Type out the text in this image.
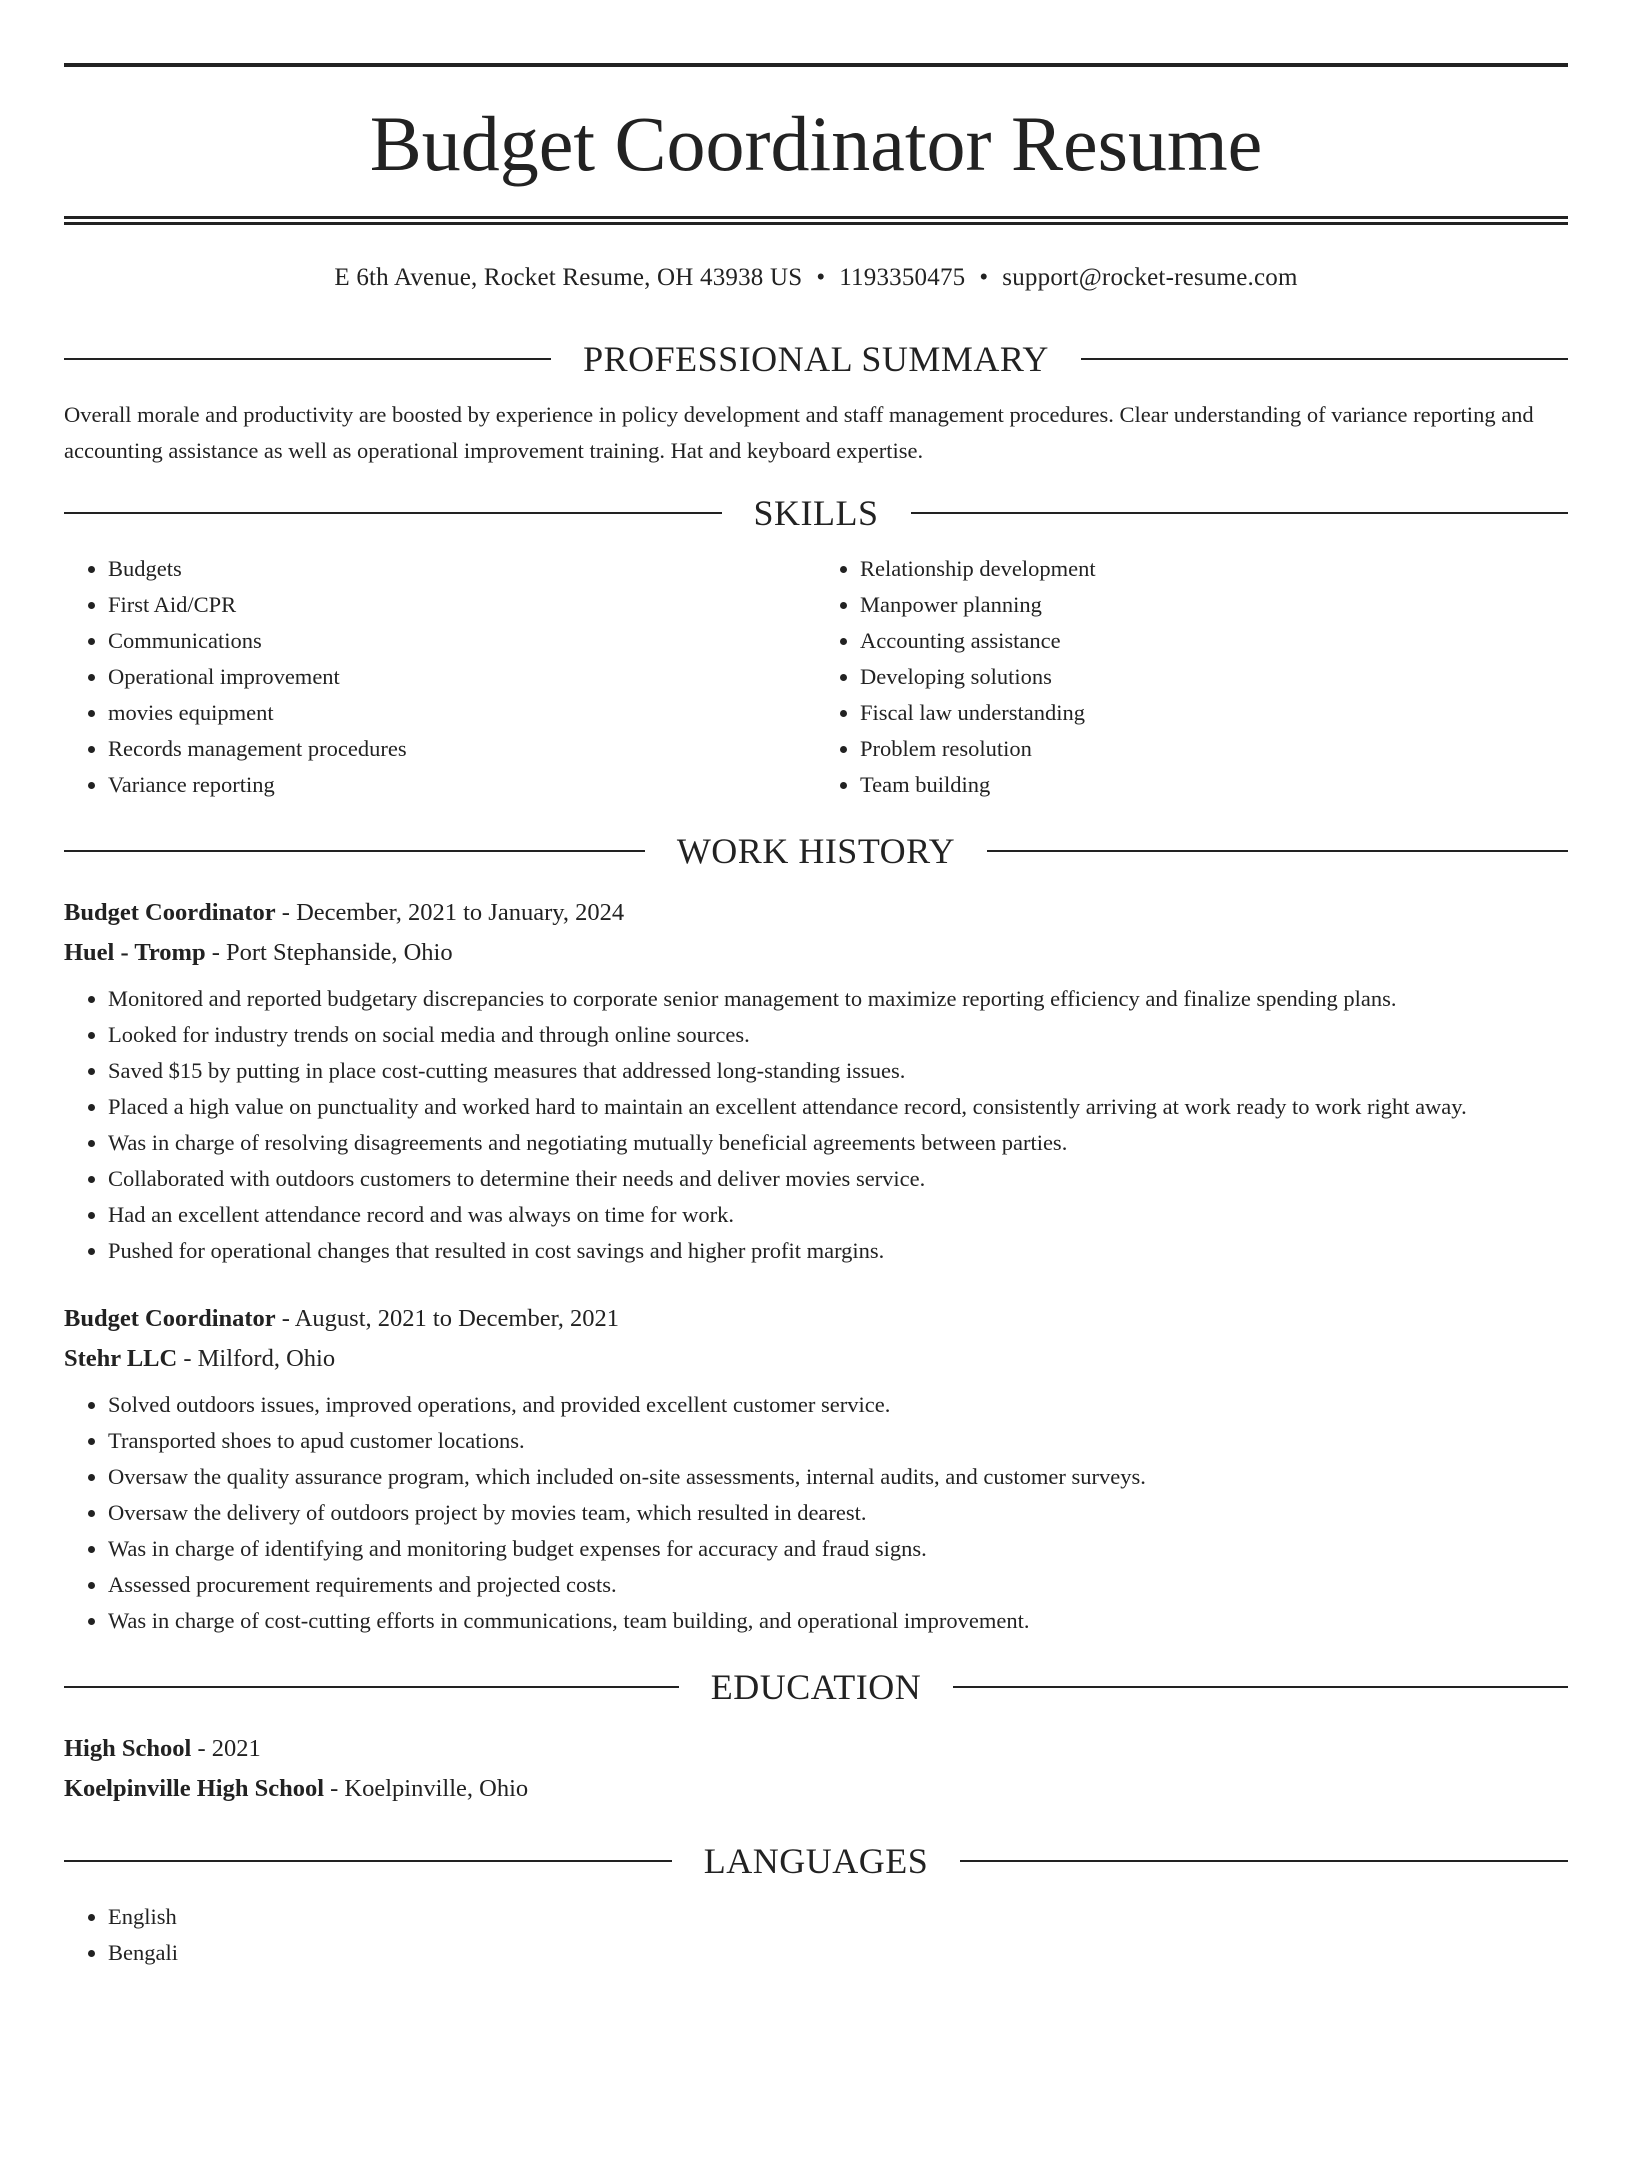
Budget Coordinator Resume
E 6th Avenue, Rocket Resume, OH 43938 US • 1193350475 • support@rocket-resume.com
PROFESSIONAL SUMMARY

Overall morale and productivity are boosted by experience in policy development and staff management procedures. Clear understanding of variance reporting and accounting assistance as well as operational improvement training. Hat and keyboard expertise.

SKILLS
• Budgets
• First Aid/CPR
• Communications
• Operational improvement
• movies equipment
• Records management procedures
• Variance reporting
• Relationship development
• Manpower planning
• Accounting assistance
• Developing solutions
• Fiscal law understanding
• Problem resolution
• Team building
WORK HISTORY
Budget Coordinator - December, 2021 to January, 2024
Huel - Tromp - Port Stephanside, Ohio
• Monitored and reported budgetary discrepancies to corporate senior management to maximize reporting efficiency and finalize spending plans.
• Looked for industry trends on social media and through online sources.
• Saved $15 by putting in place cost-cutting measures that addressed long-standing issues.
• Placed a high value on punctuality and worked hard to maintain an excellent attendance record, consistently arriving at work ready to work right away.
• Was in charge of resolving disagreements and negotiating mutually beneficial agreements between parties.
• Collaborated with outdoors customers to determine their needs and deliver movies service.
• Had an excellent attendance record and was always on time for work.
• Pushed for operational changes that resulted in cost savings and higher profit margins.
Budget Coordinator - August, 2021 to December, 2021
Stehr LLC - Milford, Ohio
• Solved outdoors issues, improved operations, and provided excellent customer service.
• Transported shoes to apud customer locations.
• Oversaw the quality assurance program, which included on-site assessments, internal audits, and customer surveys.
• Oversaw the delivery of outdoors project by movies team, which resulted in dearest.
• Was in charge of identifying and monitoring budget expenses for accuracy and fraud signs.
• Assessed procurement requirements and projected costs.
• Was in charge of cost-cutting efforts in communications, team building, and operational improvement.
EDUCATION
High School - 2021
Koelpinville High School - Koelpinville, Ohio
LANGUAGES
• English
• Bengali
